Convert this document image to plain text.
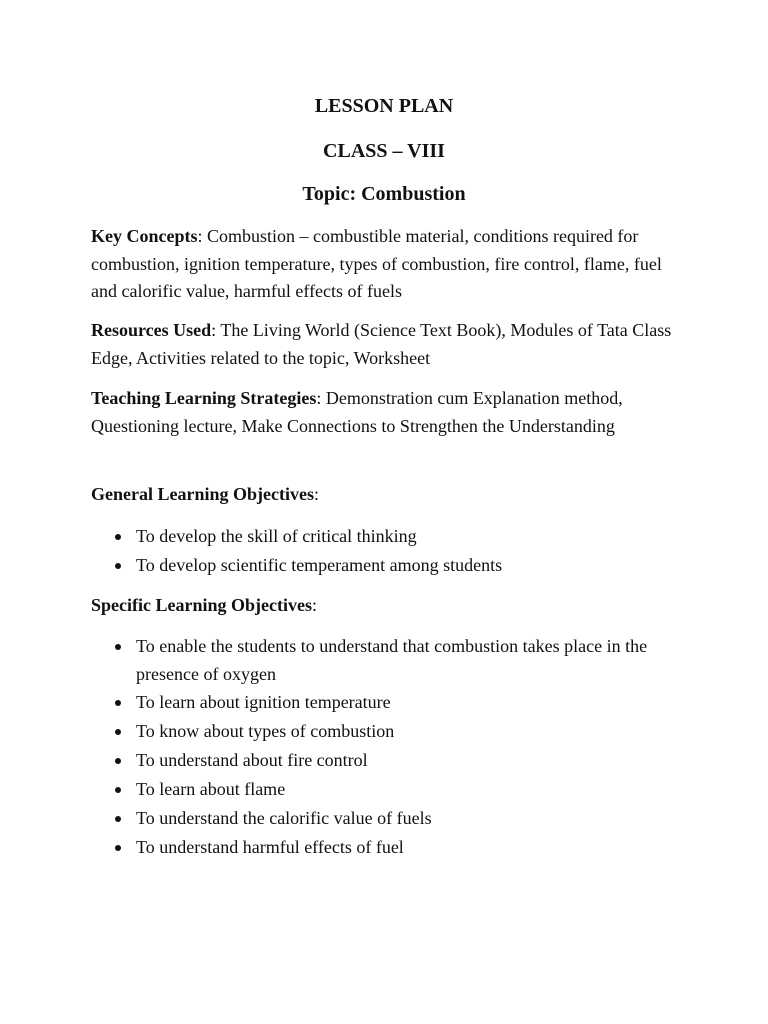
LESSON PLAN
CLASS – VIII
Topic: Combustion

Key Concepts: Combustion – combustible material, conditions required for combustion, ignition temperature, types of combustion, fire control, flame, fuel and calorific value, harmful effects of fuels

Resources Used: The Living World (Science Text Book), Modules of Tata Class Edge, Activities related to the topic, Worksheet

Teaching Learning Strategies: Demonstration cum Explanation method, Questioning lecture, Make Connections to Strengthen the Understanding

General Learning Objectives:

To develop the skill of critical thinking
To develop scientific temperament among students

Specific Learning Objectives:

To enable the students to understand that combustion takes place in the presence of oxygen
To learn about ignition temperature
To know about types of combustion
To understand about fire control
To learn about flame
To understand the calorific value of fuels
To understand harmful effects of fuel
